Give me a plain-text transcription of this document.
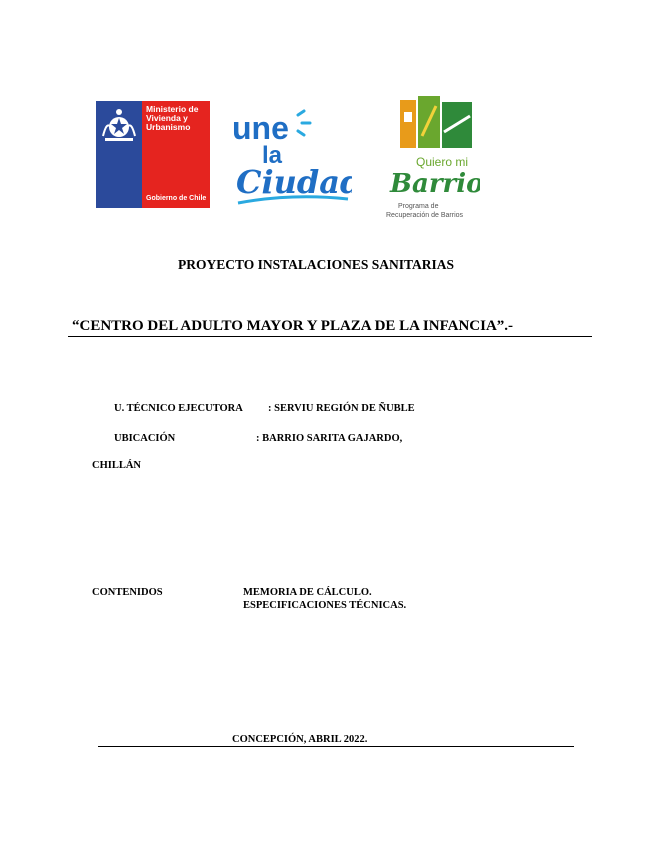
Ministerio de
Vivienda y
Urbanismo
Gobierno de Chile
une
la
Ciudad
Quiero mi
Barrio
Programa de
Recuperación de Barrios
PROYECTO INSTALACIONES SANITARIAS
“CENTRO DEL ADULTO MAYOR Y PLAZA DE LA INFANCIA”.-
U. TÉCNICO EJECUTORA : SERVIU REGIÓN DE ÑUBLE
UBICACIÓN	: BARRIO SARITA GAJARDO,
CHILLÁN
CONTENIDOS	MEMORIA DE CÁLCULO.
ESPECIFICACIONES TÉCNICAS.
CONCEPCIÓN, ABRIL 2022.
